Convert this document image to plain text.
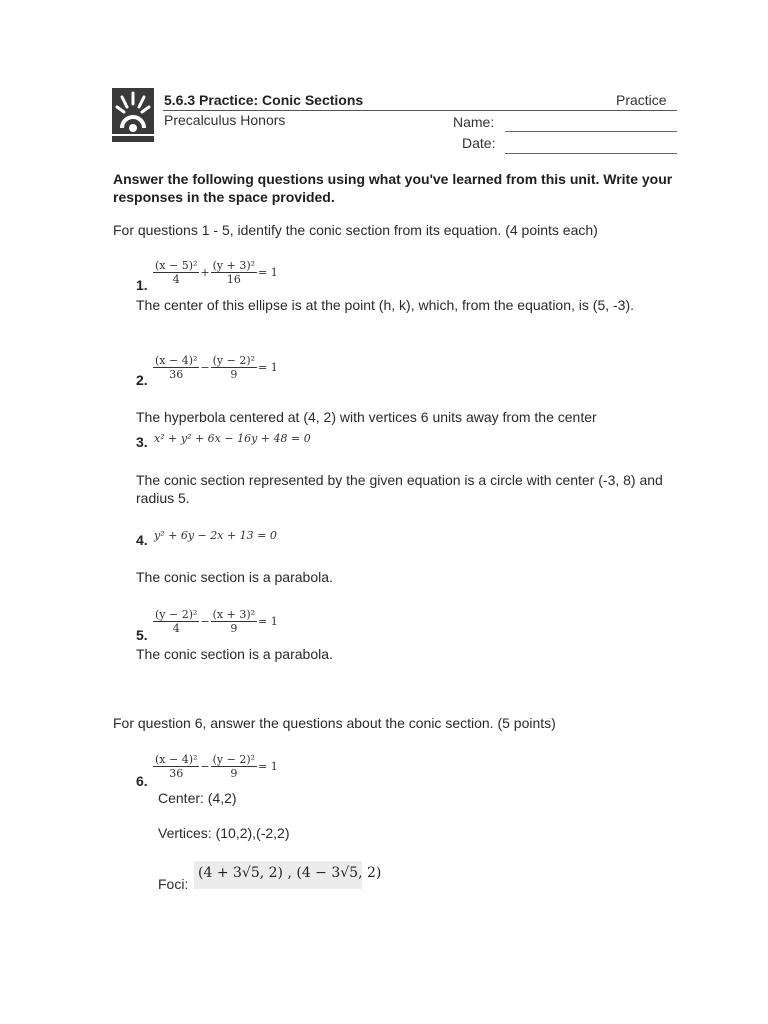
5.6.3 Practice: Conic Sections	Practice
Precalculus Honors	Name:
Date:
Answer the following questions using what you've learned from this unit. Write your responses in the space provided.
For questions 1 - 5, identify the conic section from its equation. (4 points each)
1. $\frac{\text{(x − 5)²}}{4} + \frac{\text{(y + 3)²}}{16} = 1$
The center of this ellipse is at the point (h, k), which, from the equation, is (5, -3).
2. $\frac{\text{(x − 4)²}}{36} - \frac{\text{(y − 2)²}}{9} = 1$
The hyperbola centered at (4, 2) with vertices 6 units away from the center
3. x² + y² + 6x − 16y + 48 = 0
The conic section represented by the given equation is a circle with center (-3, 8) and radius 5.
4. y² + 6y − 2x + 13 = 0
The conic section is a parabola.
5. $\frac{\text{(y − 2)²}}{4} - \frac{\text{(x + 3)²}}{9} = 1$
The conic section is a parabola.
For question 6, answer the questions about the conic section. (5 points)
6.
$\frac{\text{(x − 4)²}}{36} - \frac{\text{(y − 2)²}}{9} = 1$
Center: (4,2)
Vertices: (10,2),(-2,2)
Foci:
(4 + 3√5, 2) , (4 − 3√5, 2)
